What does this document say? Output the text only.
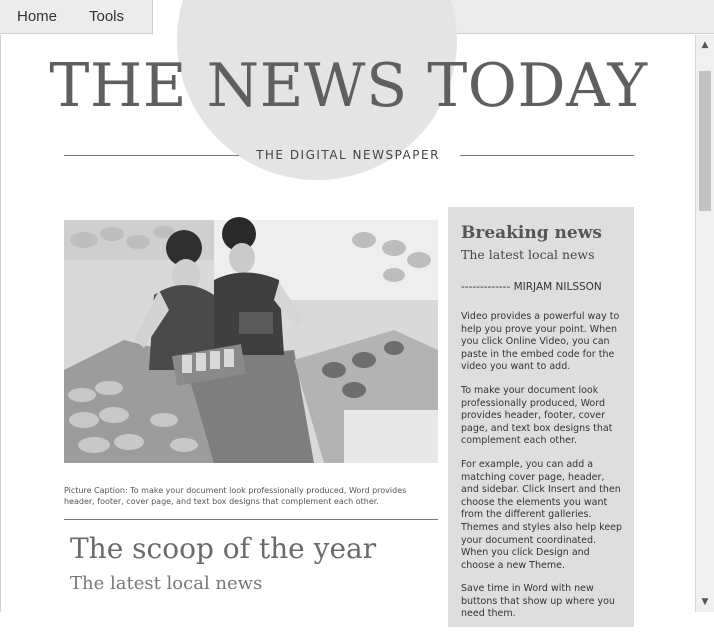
Home Tools
THE NEWS TODAY
THE DIGITAL NEWSPAPER
Picture Caption: To make your document look professionally produced, Word provides header, footer, cover page, and text box designs that complement each other.
The scoop of the year
The latest local news
Breaking news
The latest local news
------------- MIRJAM NILSSON

Video provides a powerful way to help you prove your point. When you click Online Video, you can paste in the embed code for the video you want to add.

To make your document look professionally produced, Word provides header, footer, cover page, and text box designs that complement each other.

For example, you can add a matching cover page, header, and sidebar. Click Insert and then choose the elements you want from the different galleries. Themes and styles also help keep your document coordinated. When you click Design and choose a new Theme.

Save time in Word with new buttons that show up where you need them.

▲
▼
